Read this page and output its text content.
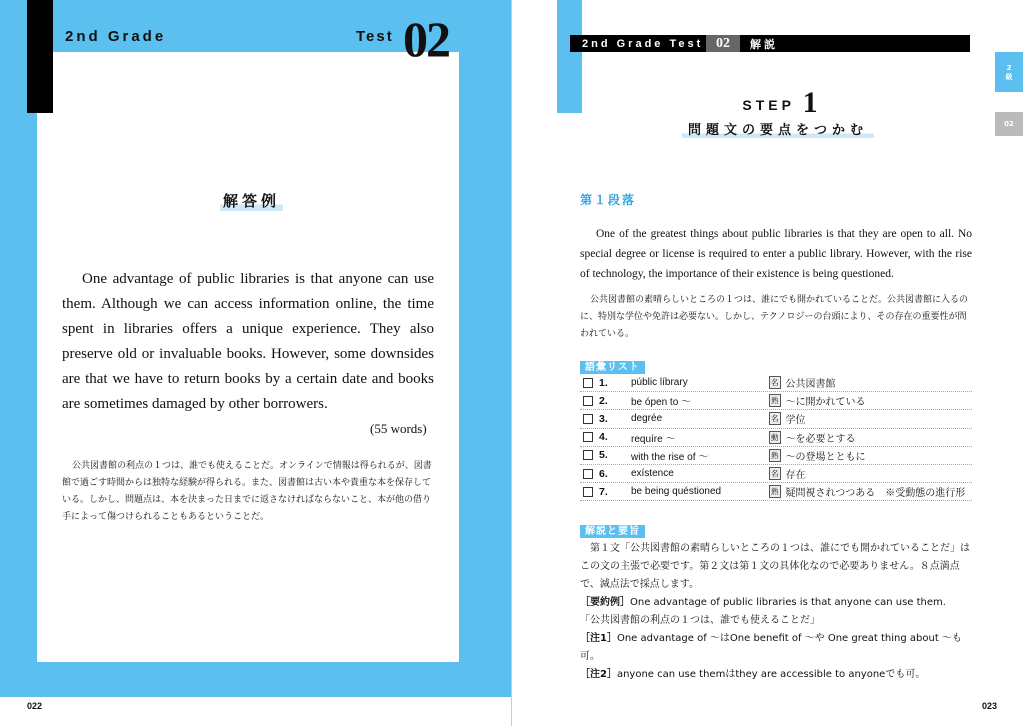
2nd Grade	Test 02
解答例
One advantage of public libraries is that anyone can use them. Although we can access information online, the time spent in libraries offers a unique experience. They also preserve old or invaluable books. However, some downsides are that we have to return books by a certain date and books are sometimes damaged by other borrowers.
(55 words)
公共図書館の利点の１つは、誰でも使えることだ。オンラインで情報は得られるが、図書館で過ごす時間からは独特な経験が得られる。また、図書館は古い本や貴重な本を保存している。しかし、問題点は、本を決まった日までに返さなければならないこと、本が他の借り手によって傷つけられることもあるということだ。
022
2nd Grade Test 02	解説
2
級
02
STEP 1
問題文の要点をつかむ
第１段落
One of the greatest things about public libraries is that they are open to all. No special degree or license is required to enter a public library. However, with the rise of technology, the importance of their existence is being questioned.
公共図書館の素晴らしいところの１つは、誰にでも開かれていることだ。公共図書館に入るのに、特別な学位や免許は必要ない。しかし、テクノロジーの台頭により、その存在の重要性が問われている。
語彙リスト
1.	públic líbrary	名 公共図書館
2.	be ópen to ～	熟 ～に開かれている
3.	degrée	名 学位
4.	requíre ～	動 ～を必要とする
5.	with the rise of ～	熟 ～の登場とともに
6.	exístence	名 存在
7.	be being quéstioned	熟 疑問視されつつある　※受動態の進行形
解説と要旨
第１文「公共図書館の素晴らしいところの１つは、誰にでも開かれていることだ」はこの文の主張で必要です。第２文は第１文の具体化なので必要ありません。８点満点で、減点法で採点します。
［要約例］One advantage of public libraries is that anyone can use them.
「公共図書館の利点の１つは、誰でも使えることだ」
［注1］One advantage of ～はOne benefit of ～や One great thing about ～も可。
［注2］anyone can use themはthey are accessible to anyoneでも可。
023
